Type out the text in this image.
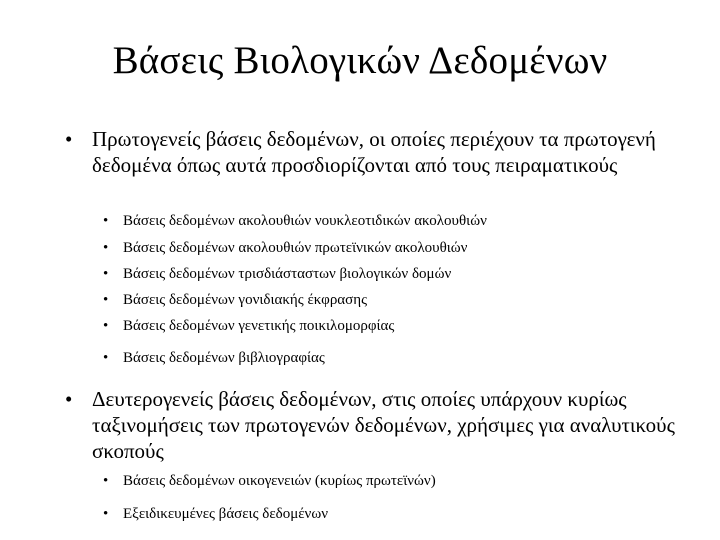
Βάσεις Βιολογικών Δεδομένων
• Πρωτογενείς βάσεις δεδομένων, οι οποίες περιέχουν τα πρωτογενή δεδομένα όπως αυτά προσδιορίζονται από τους πειραματικούς
• Βάσεις δεδομένων ακολουθιών νουκλεοτιδικών ακολουθιών
• Βάσεις δεδομένων ακολουθιών πρωτεϊνικών ακολουθιών
• Βάσεις δεδομένων τρισδιάσταστων βιολογικών δομών
• Βάσεις δεδομένων γονιδιακής έκφρασης
• Βάσεις δεδομένων γενετικής ποικιλομορφίας
• Βάσεις δεδομένων βιβλιογραφίας
• Δευτερογενείς βάσεις δεδομένων, στις οποίες υπάρχουν κυρίως ταξινομήσεις των πρωτογενών δεδομένων, χρήσιμες για αναλυτικούς σκοπούς
• Βάσεις δεδομένων οικογενειών (κυρίως πρωτεϊνών)
• Εξειδικευμένες βάσεις δεδομένων
